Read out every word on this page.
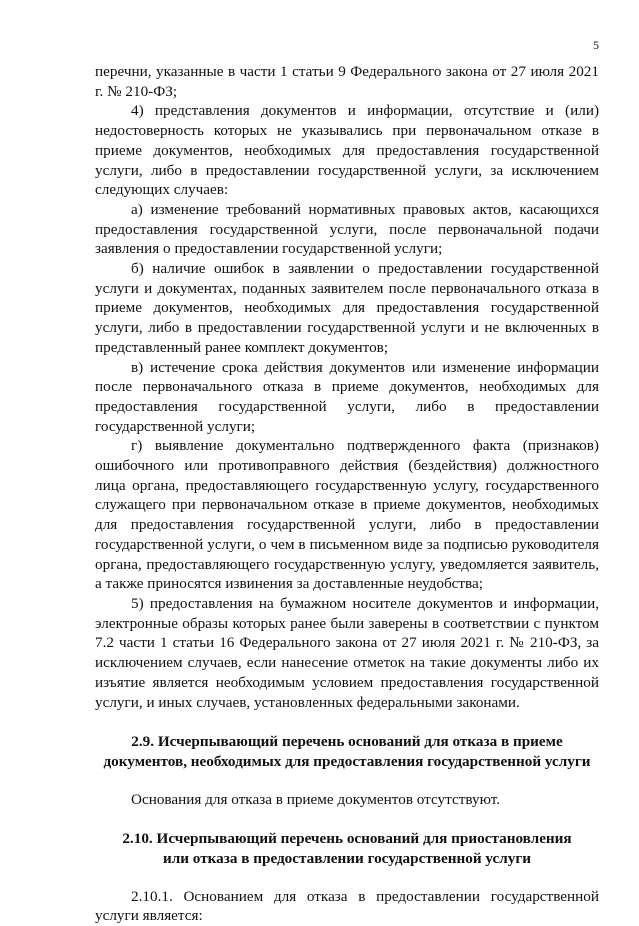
5

перечни, указанные в части 1 статьи 9 Федерального закона от 27 июля 2021 г. № 210-ФЗ;

4) представления документов и информации, отсутствие и (или) недостоверность которых не указывались при первоначальном отказе в приеме документов, необходимых для предоставления государственной услуги, либо в предоставлении государственной услуги, за исключением следующих случаев:

а) изменение требований нормативных правовых актов, касающихся предоставления государственной услуги, после первоначальной подачи заявления о предоставлении государственной услуги;

б) наличие ошибок в заявлении о предоставлении государственной услуги и документах, поданных заявителем после первоначального отказа в приеме документов, необходимых для предоставления государственной услуги, либо в предоставлении государственной услуги и не включенных в представленный ранее комплект документов;

в) истечение срока действия документов или изменение информации после первоначального отказа в приеме документов, необходимых для предоставления государственной услуги, либо в предоставлении государственной услуги;

г) выявление документально подтвержденного факта (признаков) ошибочного или противоправного действия (бездействия) должностного лица органа, предоставляющего государственную услугу, государственного служащего при первоначальном отказе в приеме документов, необходимых для предоставления государственной услуги, либо в предоставлении государственной услуги, о чем в письменном виде за подписью руководителя органа, предоставляющего государственную услугу, уведомляется заявитель, а также приносятся извинения за доставленные неудобства;

5) предоставления на бумажном носителе документов и информации, электронные образы которых ранее были заверены в соответствии с пунктом 7.2 части 1 статьи 16 Федерального закона от 27 июля 2021 г. № 210-ФЗ, за исключением случаев, если нанесение отметок на такие документы либо их изъятие является необходимым условием предоставления государственной услуги, и иных случаев, установленных федеральными законами.

2.9. Исчерпывающий перечень оснований для отказа в приеме

документов, необходимых для предоставления государственной услуги

Основания для отказа в приеме документов отсутствуют.

2.10. Исчерпывающий перечень оснований для приостановления

или отказа в предоставлении государственной услуги

2.10.1. Основанием для отказа в предоставлении государственной услуги является:
